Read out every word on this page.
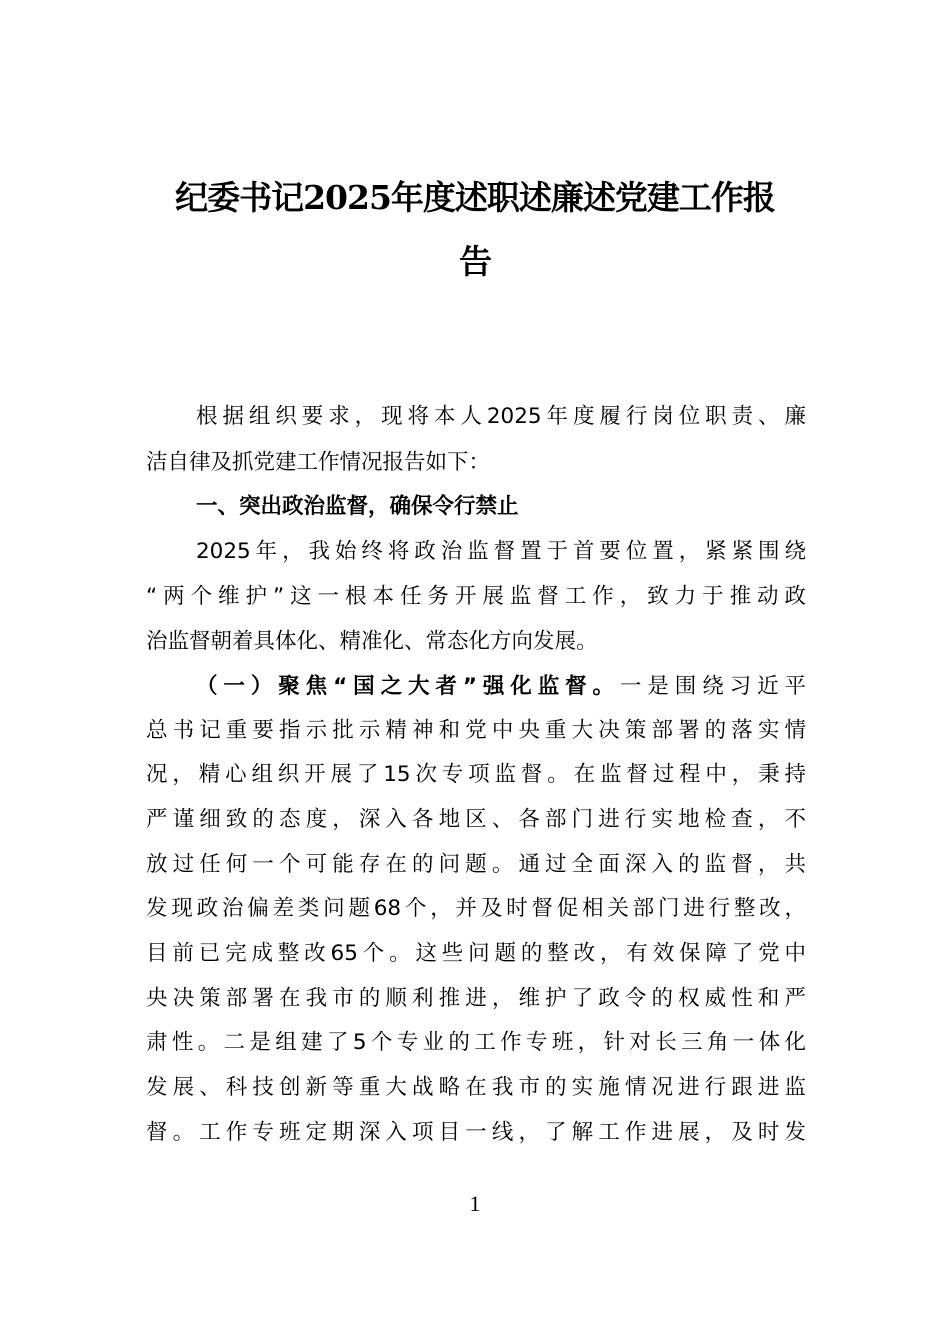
纪委书记2025年度述职述廉述党建工作报
告
根据组织要求，现将本人2025年度履行岗位职责、廉
洁自律及抓党建工作情况报告如下：
一、突出政治监督，确保令行禁止
2025年，我始终将政治监督置于首要位置，紧紧围绕
“两个维护”这一根本任务开展监督工作，致力于推动政
治监督朝着具体化、精准化、常态化方向发展。
（一）聚焦“国之大者”强化监督。一是围绕习近平
总书记重要指示批示精神和党中央重大决策部署的落实情
况，精心组织开展了15次专项监督。在监督过程中，秉持
严谨细致的态度，深入各地区、各部门进行实地检查，不
放过任何一个可能存在的问题。通过全面深入的监督，共
发现政治偏差类问题68个，并及时督促相关部门进行整改，
目前已完成整改65个。这些问题的整改，有效保障了党中
央决策部署在我市的顺利推进，维护了政令的权威性和严
肃性。二是组建了5个专业的工作专班，针对长三角一体化
发展、科技创新等重大战略在我市的实施情况进行跟进监
督。工作专班定期深入项目一线，了解工作进展，及时发
1
